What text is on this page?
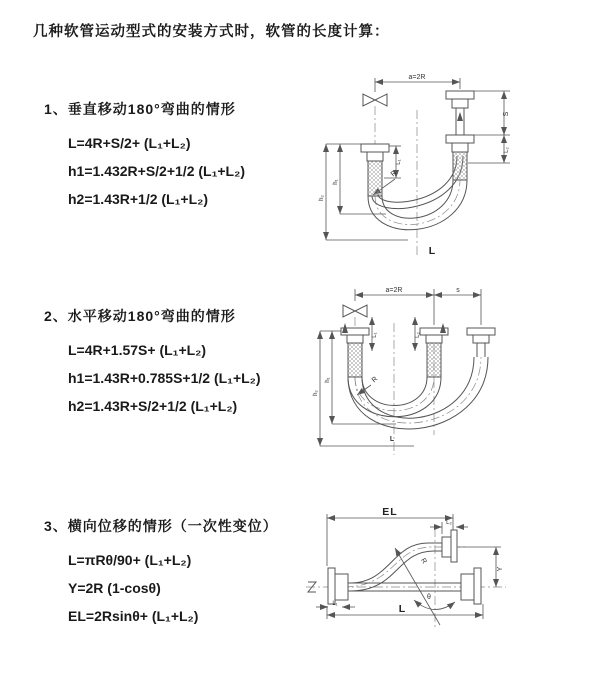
几种软管运动型式的安装方式时，软管的长度计算：

1、垂直移动180°弯曲的情形

L=4R+S/2+ (L₁+L₂)

h1=1.432R+S/2+1/2 (L₁+L₂)

h2=1.43R+1/2 (L₁+L₂)

a=2R
h₂
h₁
L₁
S
L₂
R
L

2、水平移动180°弯曲的情形

L=4R+1.57S+ (L₁+L₂)

h1=1.43R+0.785S+1/2 (L₁+L₂)

h2=1.43R+S/2+1/2 (L₁+L₂)

a=2R	s
h₂
h₁
L₁	L₂
R
L

3、横向位移的情形（一次性变位）

L=πRθ/90+ (L₁+L₂)

Y=2R (1-cosθ)

EL=2Rsinθ+ (L₁+L₂)

EL
L₂
Y
R
θ
L
L₁
